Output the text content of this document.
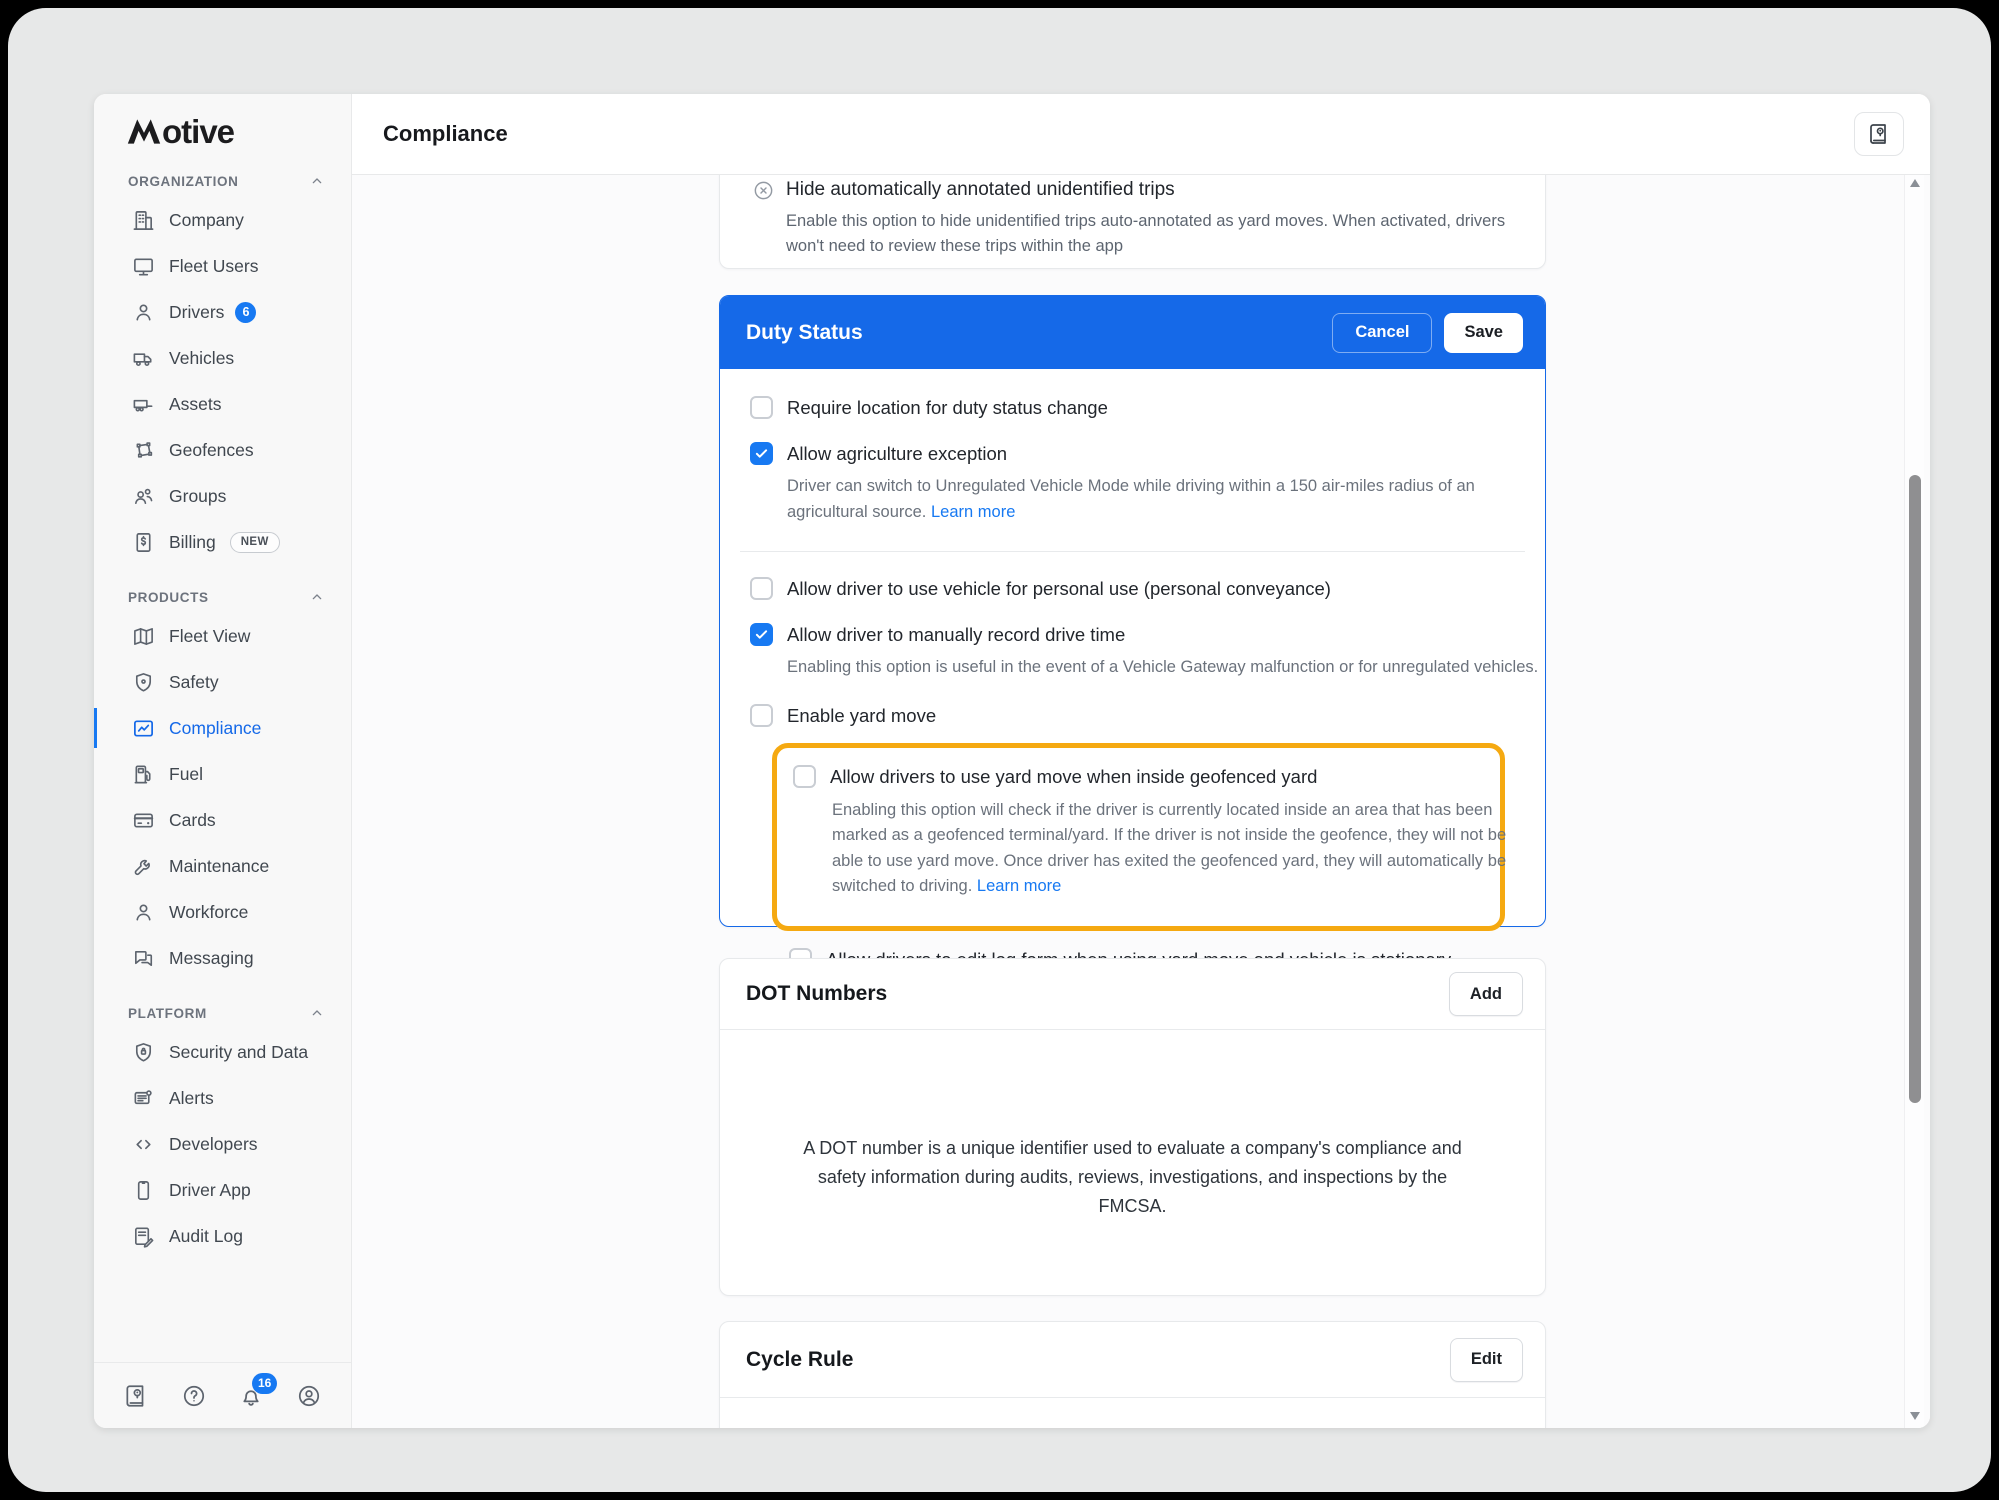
otive
ORGANIZATION
Company
Fleet Users
Drivers	6
Vehicles
Assets
Geofences
Groups
Billing	NEW
PRODUCTS
Fleet View
Safety
Compliance
Fuel
Cards
Maintenance
Workforce
Messaging
PLATFORM
Security and Data
Alerts
Developers
Driver App
Audit Log
16
Compliance
Hide automatically annotated unidentified trips
Enable this option to hide unidentified trips auto-annotated as yard moves. When activated, drivers won't need to review these trips within the app
Duty Status	Cancel	Save
Require location for duty status change
Allow agriculture exception
Driver can switch to Unregulated Vehicle Mode while driving within a 150 air-miles radius of an agricultural source. Learn more
Allow driver to use vehicle for personal use (personal conveyance)
Allow driver to manually record drive time
Enabling this option is useful in the event of a Vehicle Gateway malfunction or for unregulated vehicles.
Enable yard move
Allow drivers to use yard move when inside geofenced yard
Enabling this option will check if the driver is currently located inside an area that has been marked as a geofenced terminal/yard. If the driver is not inside the geofence, they will not be able to use yard move. Once driver has exited the geofenced yard, they will automatically be switched to driving. Learn more
DOT Numbers	Add

A DOT number is a unique identifier used to evaluate a company's compliance and safety information during audits, reviews, investigations, and inspections by the FMCSA.

Cycle Rule	Edit
